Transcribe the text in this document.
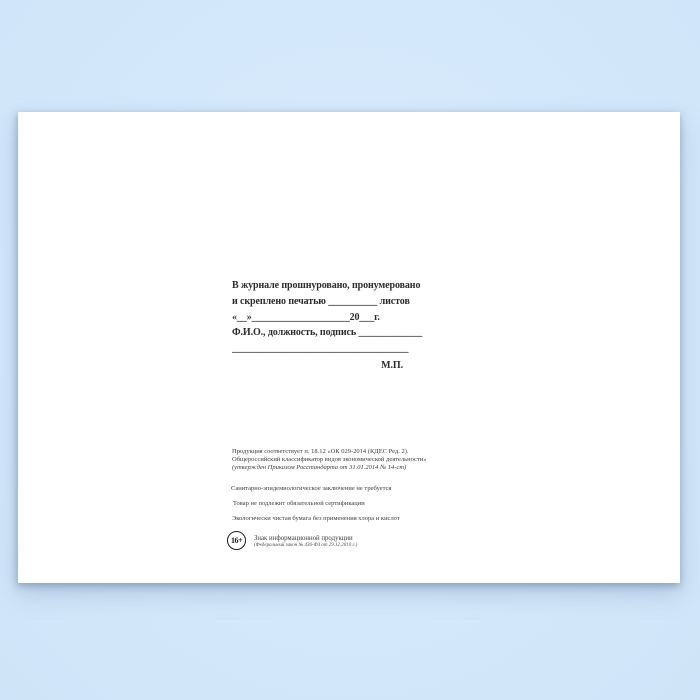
В журнале прошнуровано, пронумеровано
и скреплено печатью __________ листов
«__»____________________20___г.
Ф.И.О., должность, подпись _____________
____________________________________
М.П.
Продукция соответствует п. 18.12 «ОК 029-2014 (КДЕС Ред. 2).
Общероссийский классификатор видов экономической деятельности»
(утвержден Приказом Росстандарта от 31.01.2014 № 14-ст)
Санитарно-эпидемиологическое заключение не требуется
Товар не подлежит обязательной сертификации
Экологически чистая бумага без применения хлора и кислот
16+ Знак информационной продукции
(Федеральный закон № 436-ФЗ от 29.12.2010 г.)
